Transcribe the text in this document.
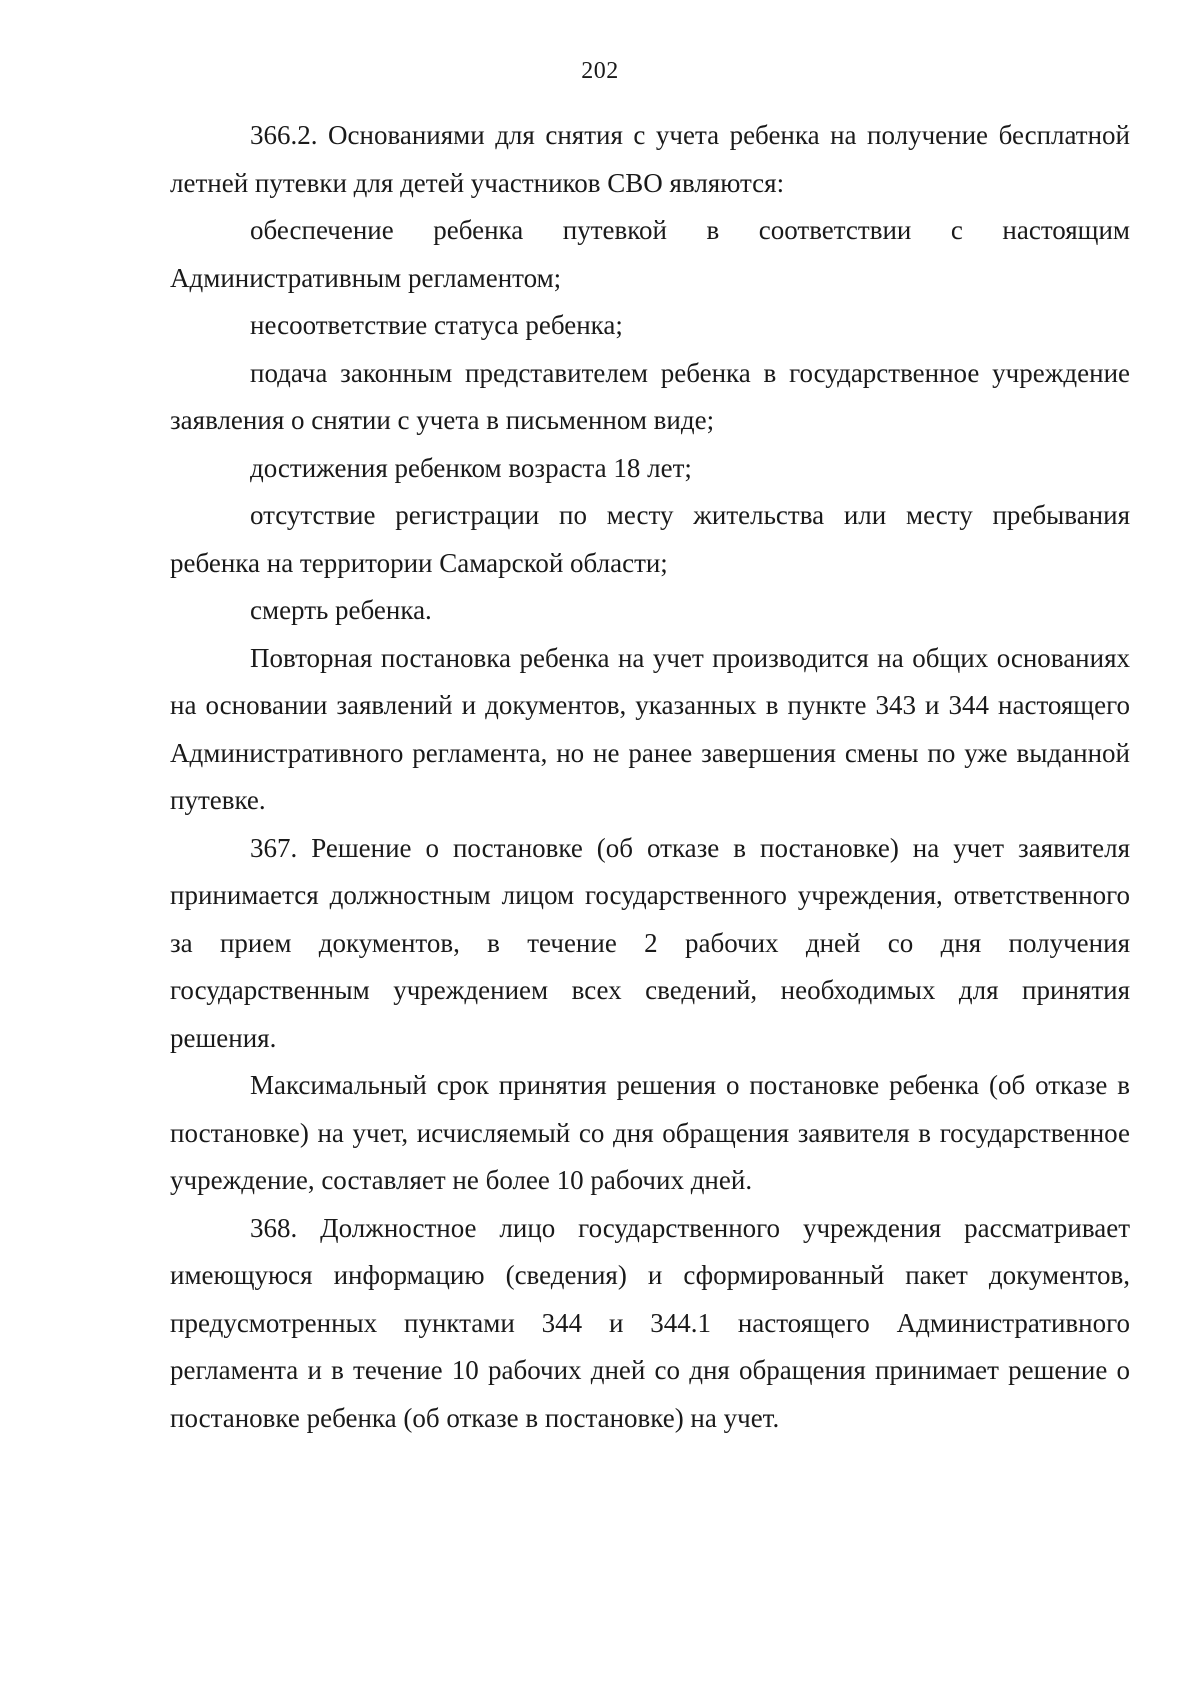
202

366.2. Основаниями для снятия с учета ребенка на получение бесплатной летней путевки для детей участников СВО являются:

обеспечение ребенка путевкой в соответствии с настоящим Административным регламентом;

несоответствие статуса ребенка;

подача законным представителем ребенка в государственное учреждение заявления о снятии с учета в письменном виде;

достижения ребенком возраста 18 лет;

отсутствие регистрации по месту жительства или месту пребывания ребенка на территории Самарской области;

смерть ребенка.

Повторная постановка ребенка на учет производится на общих основаниях на основании заявлений и документов, указанных в пункте 343 и 344 настоящего Административного регламента, но не ранее завершения смены по уже выданной путевке.

367. Решение о постановке (об отказе в постановке) на учет заявителя принимается должностным лицом государственного учреждения, ответственного за прием документов, в течение 2 рабочих дней со дня получения государственным учреждением всех сведений, необходимых для принятия решения.

Максимальный срок принятия решения о постановке ребенка (об отказе в постановке) на учет, исчисляемый со дня обращения заявителя в государственное учреждение, составляет не более 10 рабочих дней.

368. Должностное лицо государственного учреждения рассматривает имеющуюся информацию (сведения) и сформированный пакет документов, предусмотренных пунктами 344 и 344.1 настоящего Административного регламента и в течение 10 рабочих дней со дня обращения принимает решение о постановке ребенка (об отказе в постановке) на учет.
